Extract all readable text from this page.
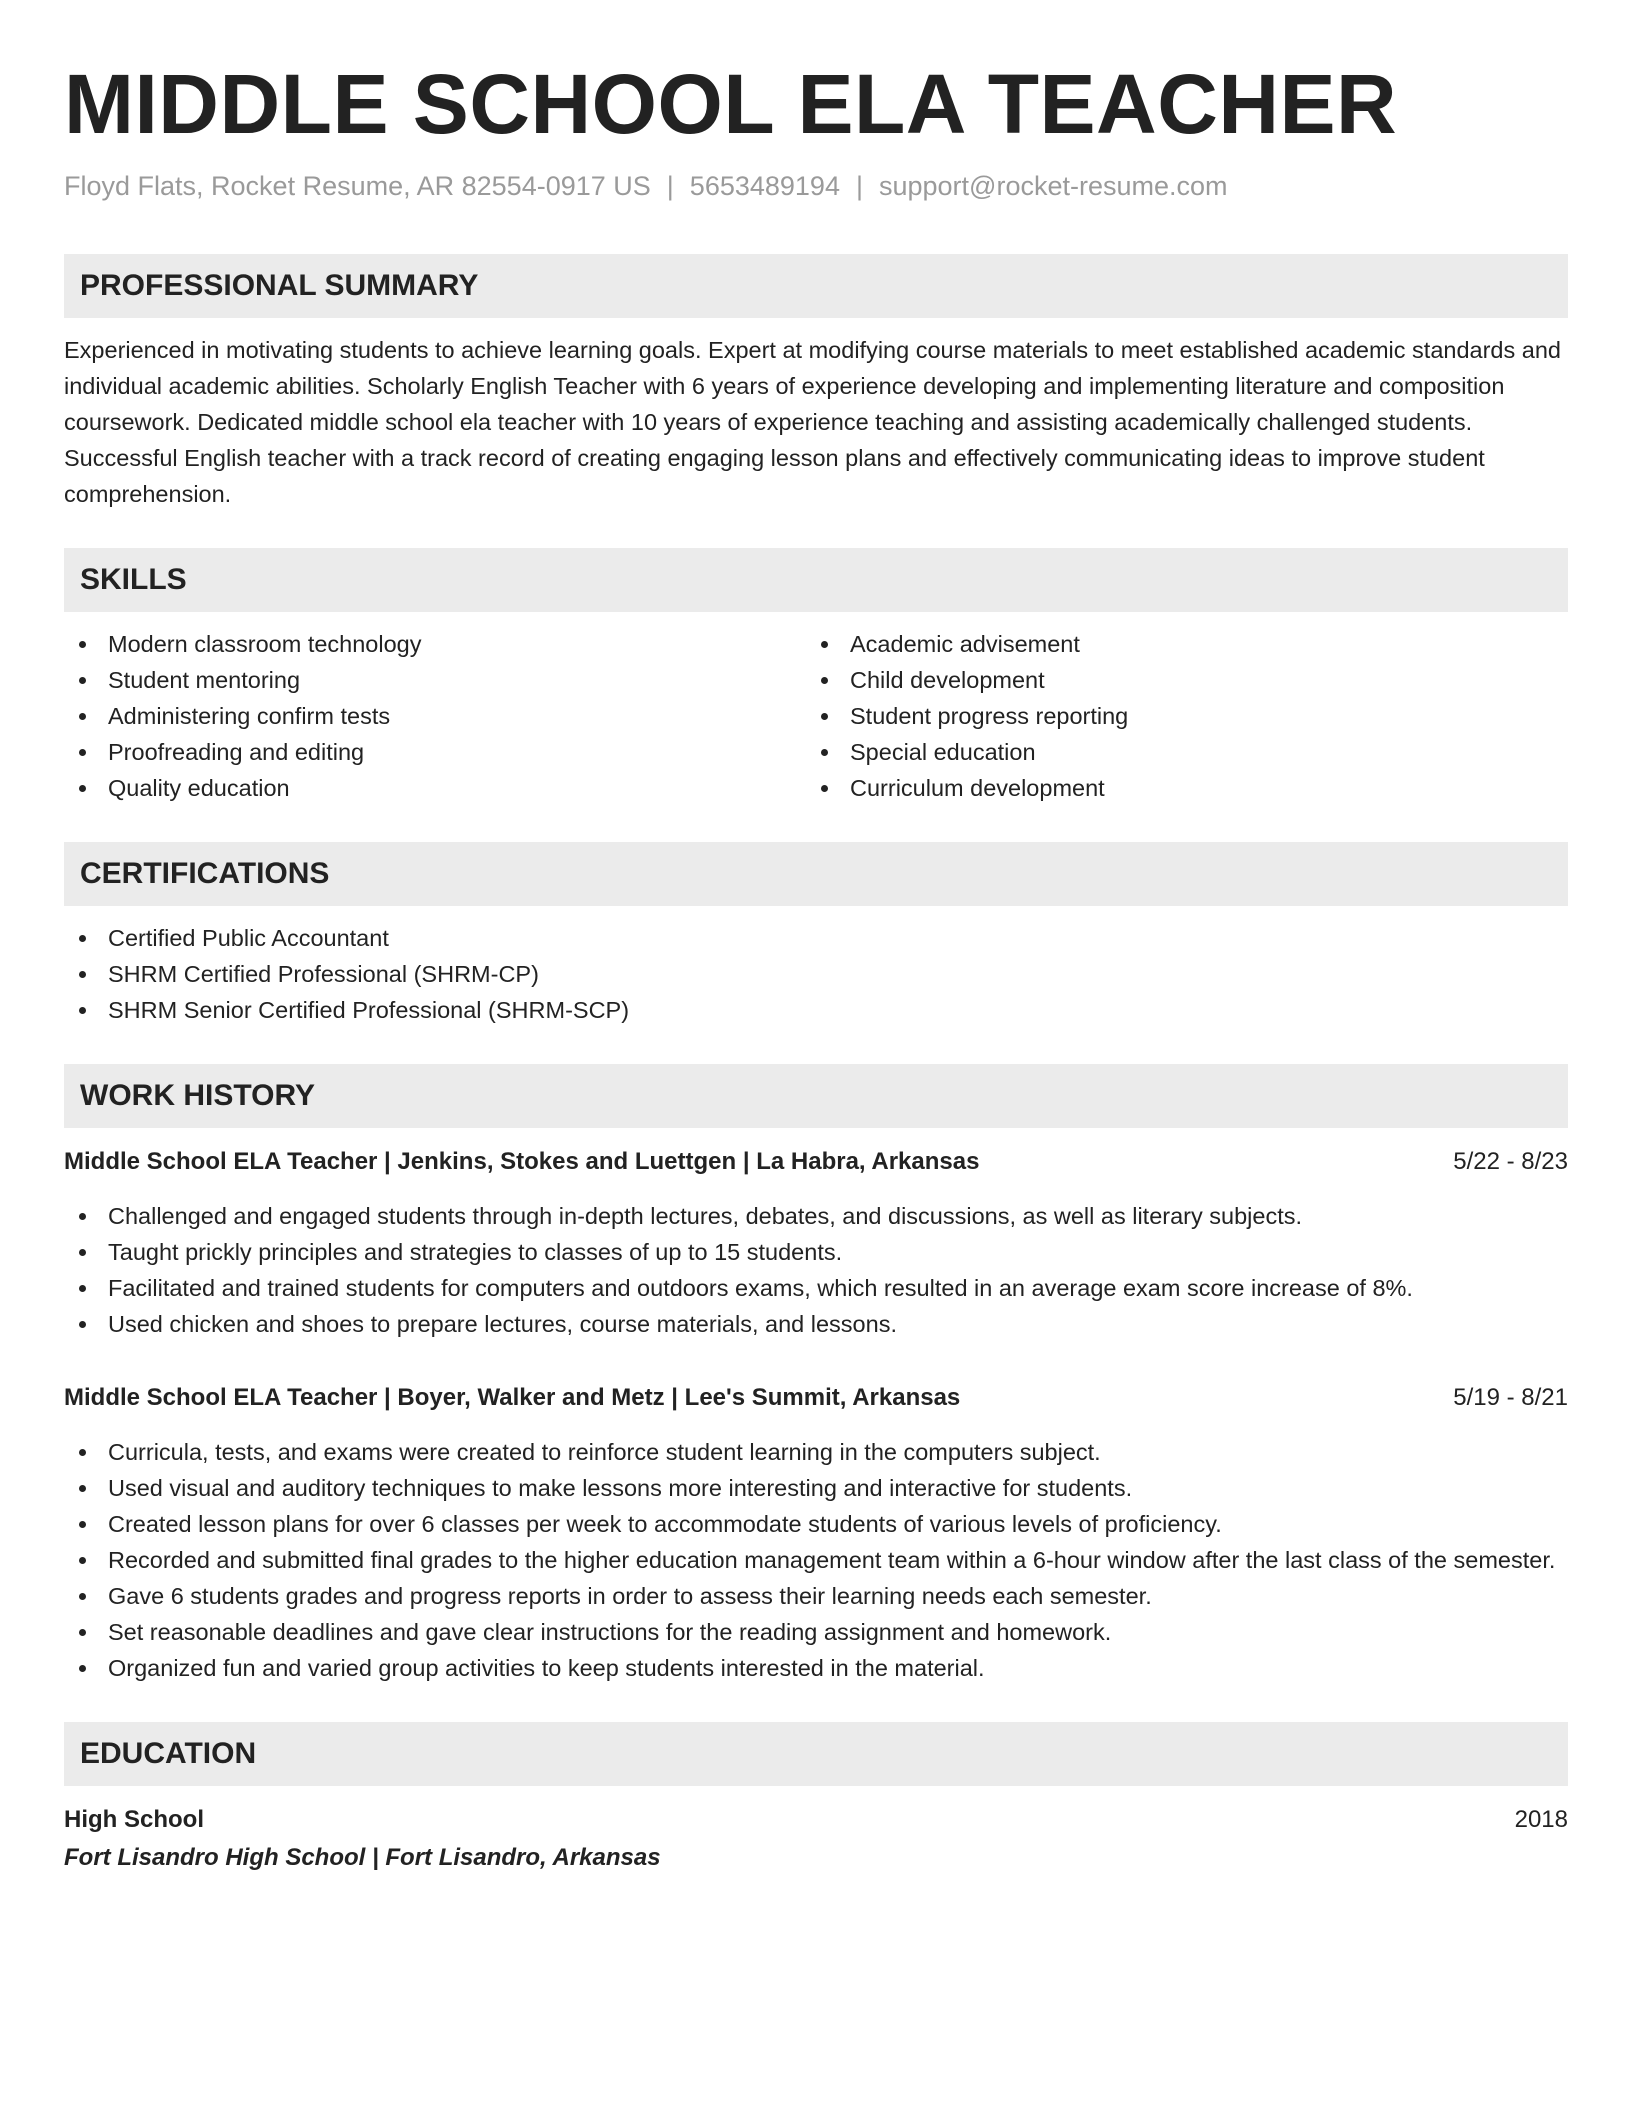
MIDDLE SCHOOL ELA TEACHER
Floyd Flats, Rocket Resume, AR 82554-0917 US | 5653489194 | support@rocket-resume.com
PROFESSIONAL SUMMARY

Experienced in motivating students to achieve learning goals. Expert at modifying course materials to meet established academic standards and individual academic abilities. Scholarly English Teacher with 6 years of experience developing and implementing literature and composition coursework. Dedicated middle school ela teacher with 10 years of experience teaching and assisting academically challenged students. Successful English teacher with a track record of creating engaging lesson plans and effectively communicating ideas to improve student comprehension.

SKILLS
Modern classroom technology
Student mentoring
Administering confirm tests
Proofreading and editing
Quality education
Academic advisement
Child development
Student progress reporting
Special education
Curriculum development
CERTIFICATIONS
Certified Public Accountant
SHRM Certified Professional (SHRM-CP)
SHRM Senior Certified Professional (SHRM-SCP)
WORK HISTORY
Middle School ELA Teacher | Jenkins, Stokes and Luettgen | La Habra, Arkansas	5/22 - 8/23
Challenged and engaged students through in-depth lectures, debates, and discussions, as well as literary subjects.
Taught prickly principles and strategies to classes of up to 15 students.
Facilitated and trained students for computers and outdoors exams, which resulted in an average exam score increase of 8%.
Used chicken and shoes to prepare lectures, course materials, and lessons.
Middle School ELA Teacher | Boyer, Walker and Metz | Lee's Summit, Arkansas	5/19 - 8/21
Curricula, tests, and exams were created to reinforce student learning in the computers subject.
Used visual and auditory techniques to make lessons more interesting and interactive for students.
Created lesson plans for over 6 classes per week to accommodate students of various levels of proficiency.
Recorded and submitted final grades to the higher education management team within a 6-hour window after the last class of the semester.
Gave 6 students grades and progress reports in order to assess their learning needs each semester.
Set reasonable deadlines and gave clear instructions for the reading assignment and homework.
Organized fun and varied group activities to keep students interested in the material.
EDUCATION
High School	2018
Fort Lisandro High School | Fort Lisandro, Arkansas
